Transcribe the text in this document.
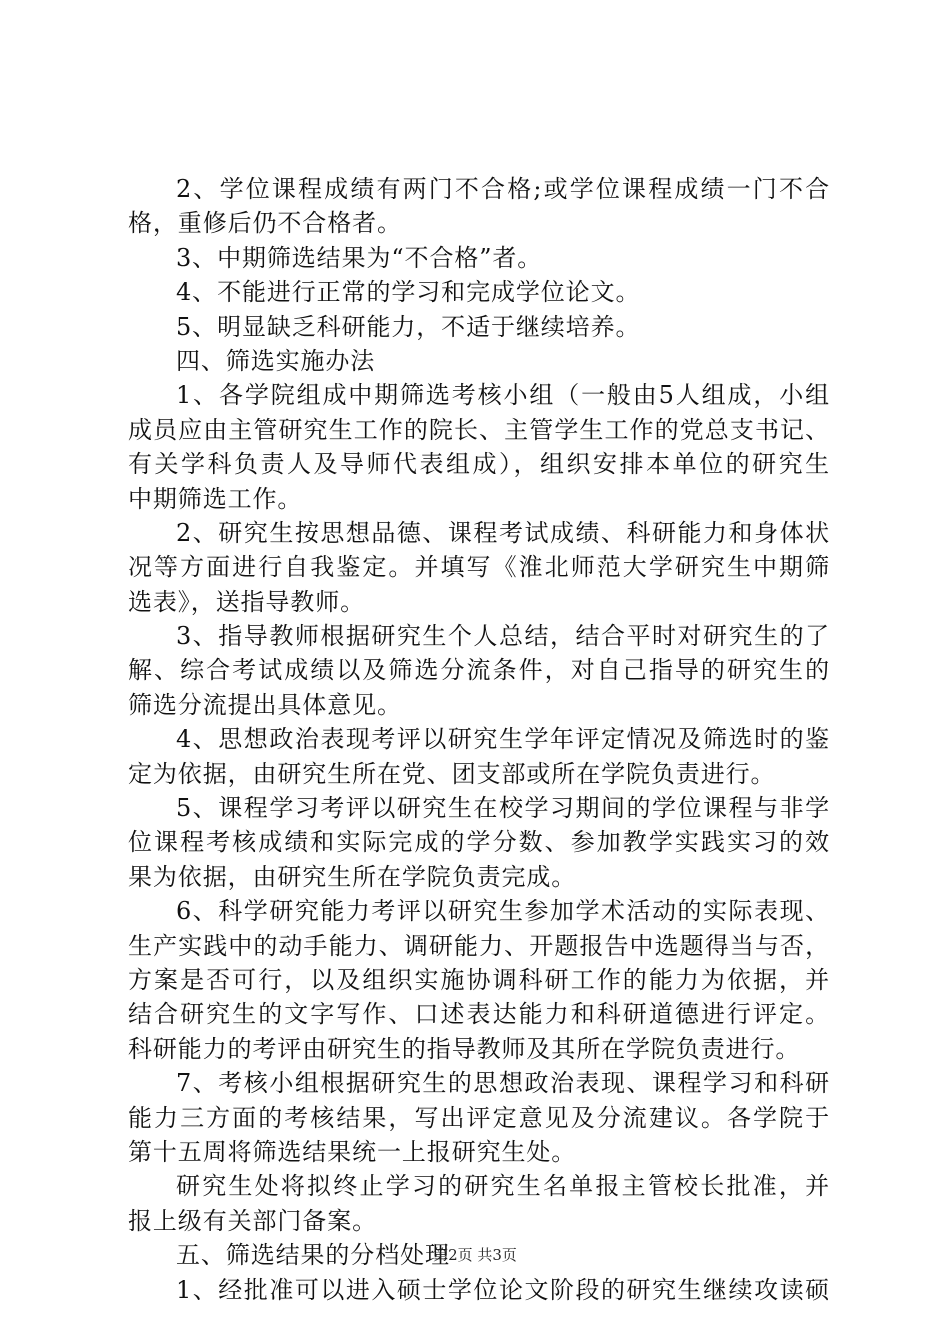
2、学位课程成绩有两门不合格;或学位课程成绩一门不合
格，重修后仍不合格者。
3、中期筛选结果为“不合格”者。
4、不能进行正常的学习和完成学位论文。
5、明显缺乏科研能力，不适于继续培养。
四、筛选实施办法
1、各学院组成中期筛选考核小组（一般由5人组成，小组
成员应由主管研究生工作的院长、主管学生工作的党总支书记、
有关学科负责人及导师代表组成），组织安排本单位的研究生
中期筛选工作。
2、研究生按思想品德、课程考试成绩、科研能力和身体状
况等方面进行自我鉴定。并填写《淮北师范大学研究生中期筛
选表》，送指导教师。
3、指导教师根据研究生个人总结，结合平时对研究生的了
解、综合考试成绩以及筛选分流条件，对自己指导的研究生的
筛选分流提出具体意见。
4、思想政治表现考评以研究生学年评定情况及筛选时的鉴
定为依据，由研究生所在党、团支部或所在学院负责进行。
5、课程学习考评以研究生在校学习期间的学位课程与非学
位课程考核成绩和实际完成的学分数、参加教学实践实习的效
果为依据，由研究生所在学院负责完成。
6、科学研究能力考评以研究生参加学术活动的实际表现、
生产实践中的动手能力、调研能力、开题报告中选题得当与否，
方案是否可行，以及组织实施协调科研工作的能力为依据，并
结合研究生的文字写作、口述表达能力和科研道德进行评定。
科研能力的考评由研究生的指导教师及其所在学院负责进行。
7、考核小组根据研究生的思想政治表现、课程学习和科研
能力三方面的考核结果，写出评定意见及分流建议。各学院于
第十五周将筛选结果统一上报研究生处。
研究生处将拟终止学习的研究生名单报主管校长批准，并
报上级有关部门备案。
五、筛选结果的分档处理
1、经批准可以进入硕士学位论文阶段的研究生继续攻读硕
第2页 共3页
